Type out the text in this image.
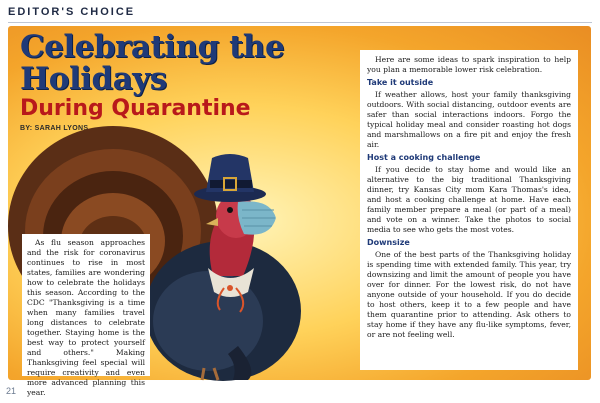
EDITOR'S CHOICE
Celebrating the
Holidays
During Quarantine
BY: SARAH LYONS
As flu season approaches and the risk for coronavirus continues to rise in most states, families are wondering how to celebrate the holidays this season. According to the CDC "Thanksgiving is a time when many families travel long distances to celebrate together. Staying home is the best way to protect yourself and others." Making Thanksgiving feel special will require creativity and even more advanced planning this year.

Here are some ideas to spark inspiration to help you plan a memorable lower risk celebration.

Take it outside

If weather allows, host your family thanksgiving outdoors. With social distancing, outdoor events are safer than social interactions indoors. Forgo the typical holiday meal and consider roasting hot dogs and marshmallows on a fire pit and enjoy the fresh air.

Host a cooking challenge

If you decide to stay home and would like an alternative to the big traditional Thanksgiving dinner, try Kansas City mom Kara Thomas's idea, and host a cooking challenge at home. Have each family member prepare a meal (or part of a meal) and vote on a winner. Take the photos to social media to see who gets the most votes.

Downsize

One of the best parts of the Thanksgiving holiday is spending time with extended family. This year, try downsizing and limit the amount of people you have over for dinner. For the lowest risk, do not have anyone outside of your household. If you do decide to host others, keep it to a few people and have them quarantine prior to attending. Ask others to stay home if they have any flu-like symptoms, fever, or are not feeling well.

21
